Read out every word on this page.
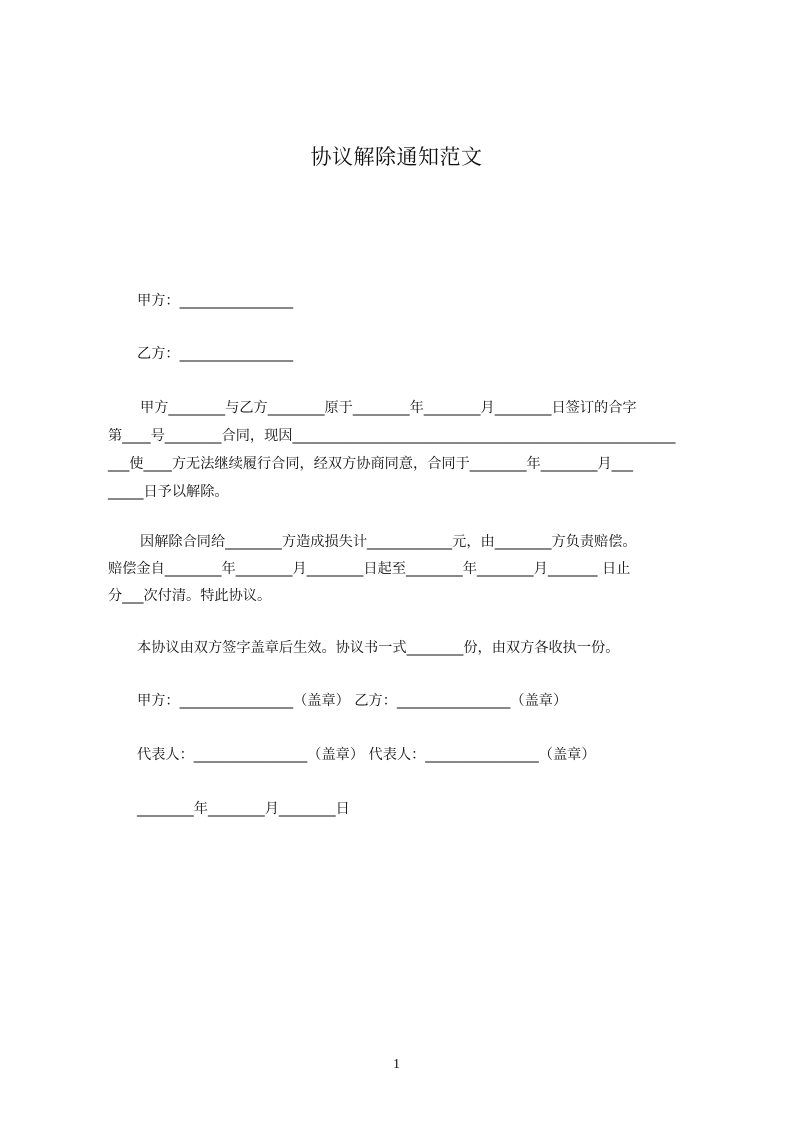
协议解除通知范文
甲方：________________
乙方：________________
甲方________与乙方________原于________年________月________日签订的合字
第____号________合同，现因______________________________________________________
___使____方无法继续履行合同，经双方协商同意，合同于________年________月___
_____日予以解除。
因解除合同给________方造成损失计____________元，由________方负责赔偿。
赔偿金自________年________月________日起至________年________月_______ 日止
分___次付清。特此协议。
本协议由双方签字盖章后生效。协议书一式________份，由双方各收执一份。
甲方：________________（盖章） 乙方：________________（盖章）
代表人：________________（盖章） 代表人：________________（盖章）
________年________月________日
1
